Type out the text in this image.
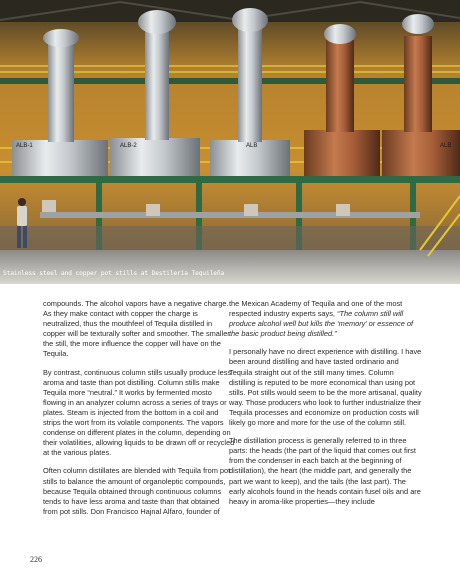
ALB-1	ALB-2	ALB	ALB
Stainless steel and copper pot stills at Destilería Tequileña

compounds. The alcohol vapors have a negative charge. As they make contact with copper the charge is neutralized, thus the mouthfeel of Tequila distilled in copper will be texturally softer and smoother. The smaller the still, the more influence the copper will have on the Tequila.

By contrast, continuous column stills usually produce less aroma and taste than pot distilling. Column stills make Tequila more “neutral.” It works by fermented mosto flowing in an analyzer column across a series of trays or plates. Steam is injected from the bottom in a coil and strips the wort from its volatile components. The vapors condense on different plates in the column, depending on their volatilities, allowing liquids to be drawn off or recycled at the various plates.

Often column distillates are blended with Tequila from pot stills to balance the amount of organoleptic compounds, because Tequila obtained through continuous columns tends to have less aroma and taste than that obtained from pot stills. Don Francisco Hajnal Alfaro, founder of

the Mexican Academy of Tequila and one of the most respected industry experts says, “The column still will produce alcohol well but kills the ‘memory’ or essence of the basic product being distilled.”

I personally have no direct experience with distilling. I have been around distilling and have tasted ordinario and Tequila straight out of the still many times. Column distilling is reputed to be more economical than using pot stills. Pot stills would seem to be the more artisanal, quality way. Those producers who look to further industrialize their Tequila processes and economize on production costs will likely go more and more for the use of the column still.

The distillation process is generally referred to in three parts: the heads (the part of the liquid that comes out first from the condenser in each batch at the beginning of distillation), the heart (the middle part, and generally the part we want to keep), and the tails (the last part). The early alcohols found in the heads contain fusel oils and are heavy in aroma-like properties—they include

226
